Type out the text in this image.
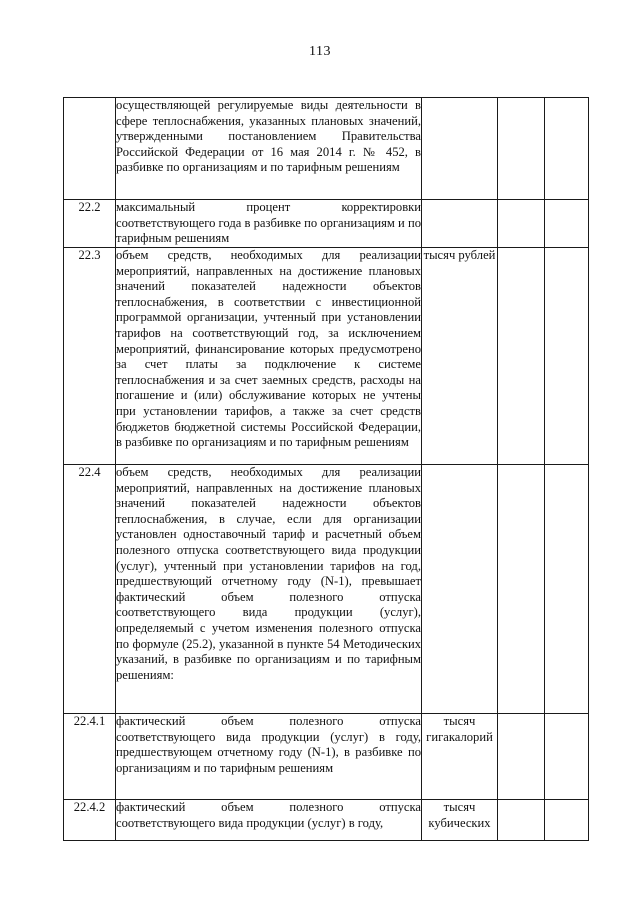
113

	осуществляющей регулируемые виды деятельности в сфере теплоснабжения, указанных плановых значений, утвержденными постановлением Правительства Российской Федерации от 16 мая 2014 г. № 452, в разбивке по организациям и по тарифным решениям			

22.2	максимальный процент корректировки соответствующего года в разбивке по организациям и по тарифным решениям			

22.3	объем средств, необходимых для реализации мероприятий, направленных на достижение плановых значений показателей надежности объектов теплоснабжения, в соответствии с инвестиционной программой организации, учтенный при установлении тарифов на соответствующий год, за исключением мероприятий, финансирование которых предусмотрено за счет платы за подключение к системе теплоснабжения и за счет заемных средств, расходы на погашение и (или) обслуживание которых не учтены при установлении тарифов, а также за счет средств бюджетов бюджетной системы Российской Федерации, в разбивке по организациям и по тарифным решениям	тысяч рублей		
22.4	объем средств, необходимых для реализации мероприятий, направленных на достижение плановых значений показателей надежности объектов теплоснабжения, в случае, если для организации установлен одноставочный тариф и расчетный объем полезного отпуска соответствующего вида продукции (услуг), учтенный при установлении тарифов на год, предшествующий отчетному году (N-1), превышает фактический объем полезного отпуска соответствующего вида продукции (услуг), определяемый с учетом изменения полезного отпуска по формуле (25.2), указанной в пункте 54 Методических указаний, в разбивке по организациям и по тарифным решениям:			

22.4.1	фактический объем полезного отпуска соответствующего вида продукции (услуг) в году, предшествующем отчетному году (N-1), в разбивке по организациям и по тарифным решениям	тысяч гигакалорий		
22.4.2	фактический объем полезного отпуска соответствующего вида продукции (услуг) в году,	тысяч кубических		
